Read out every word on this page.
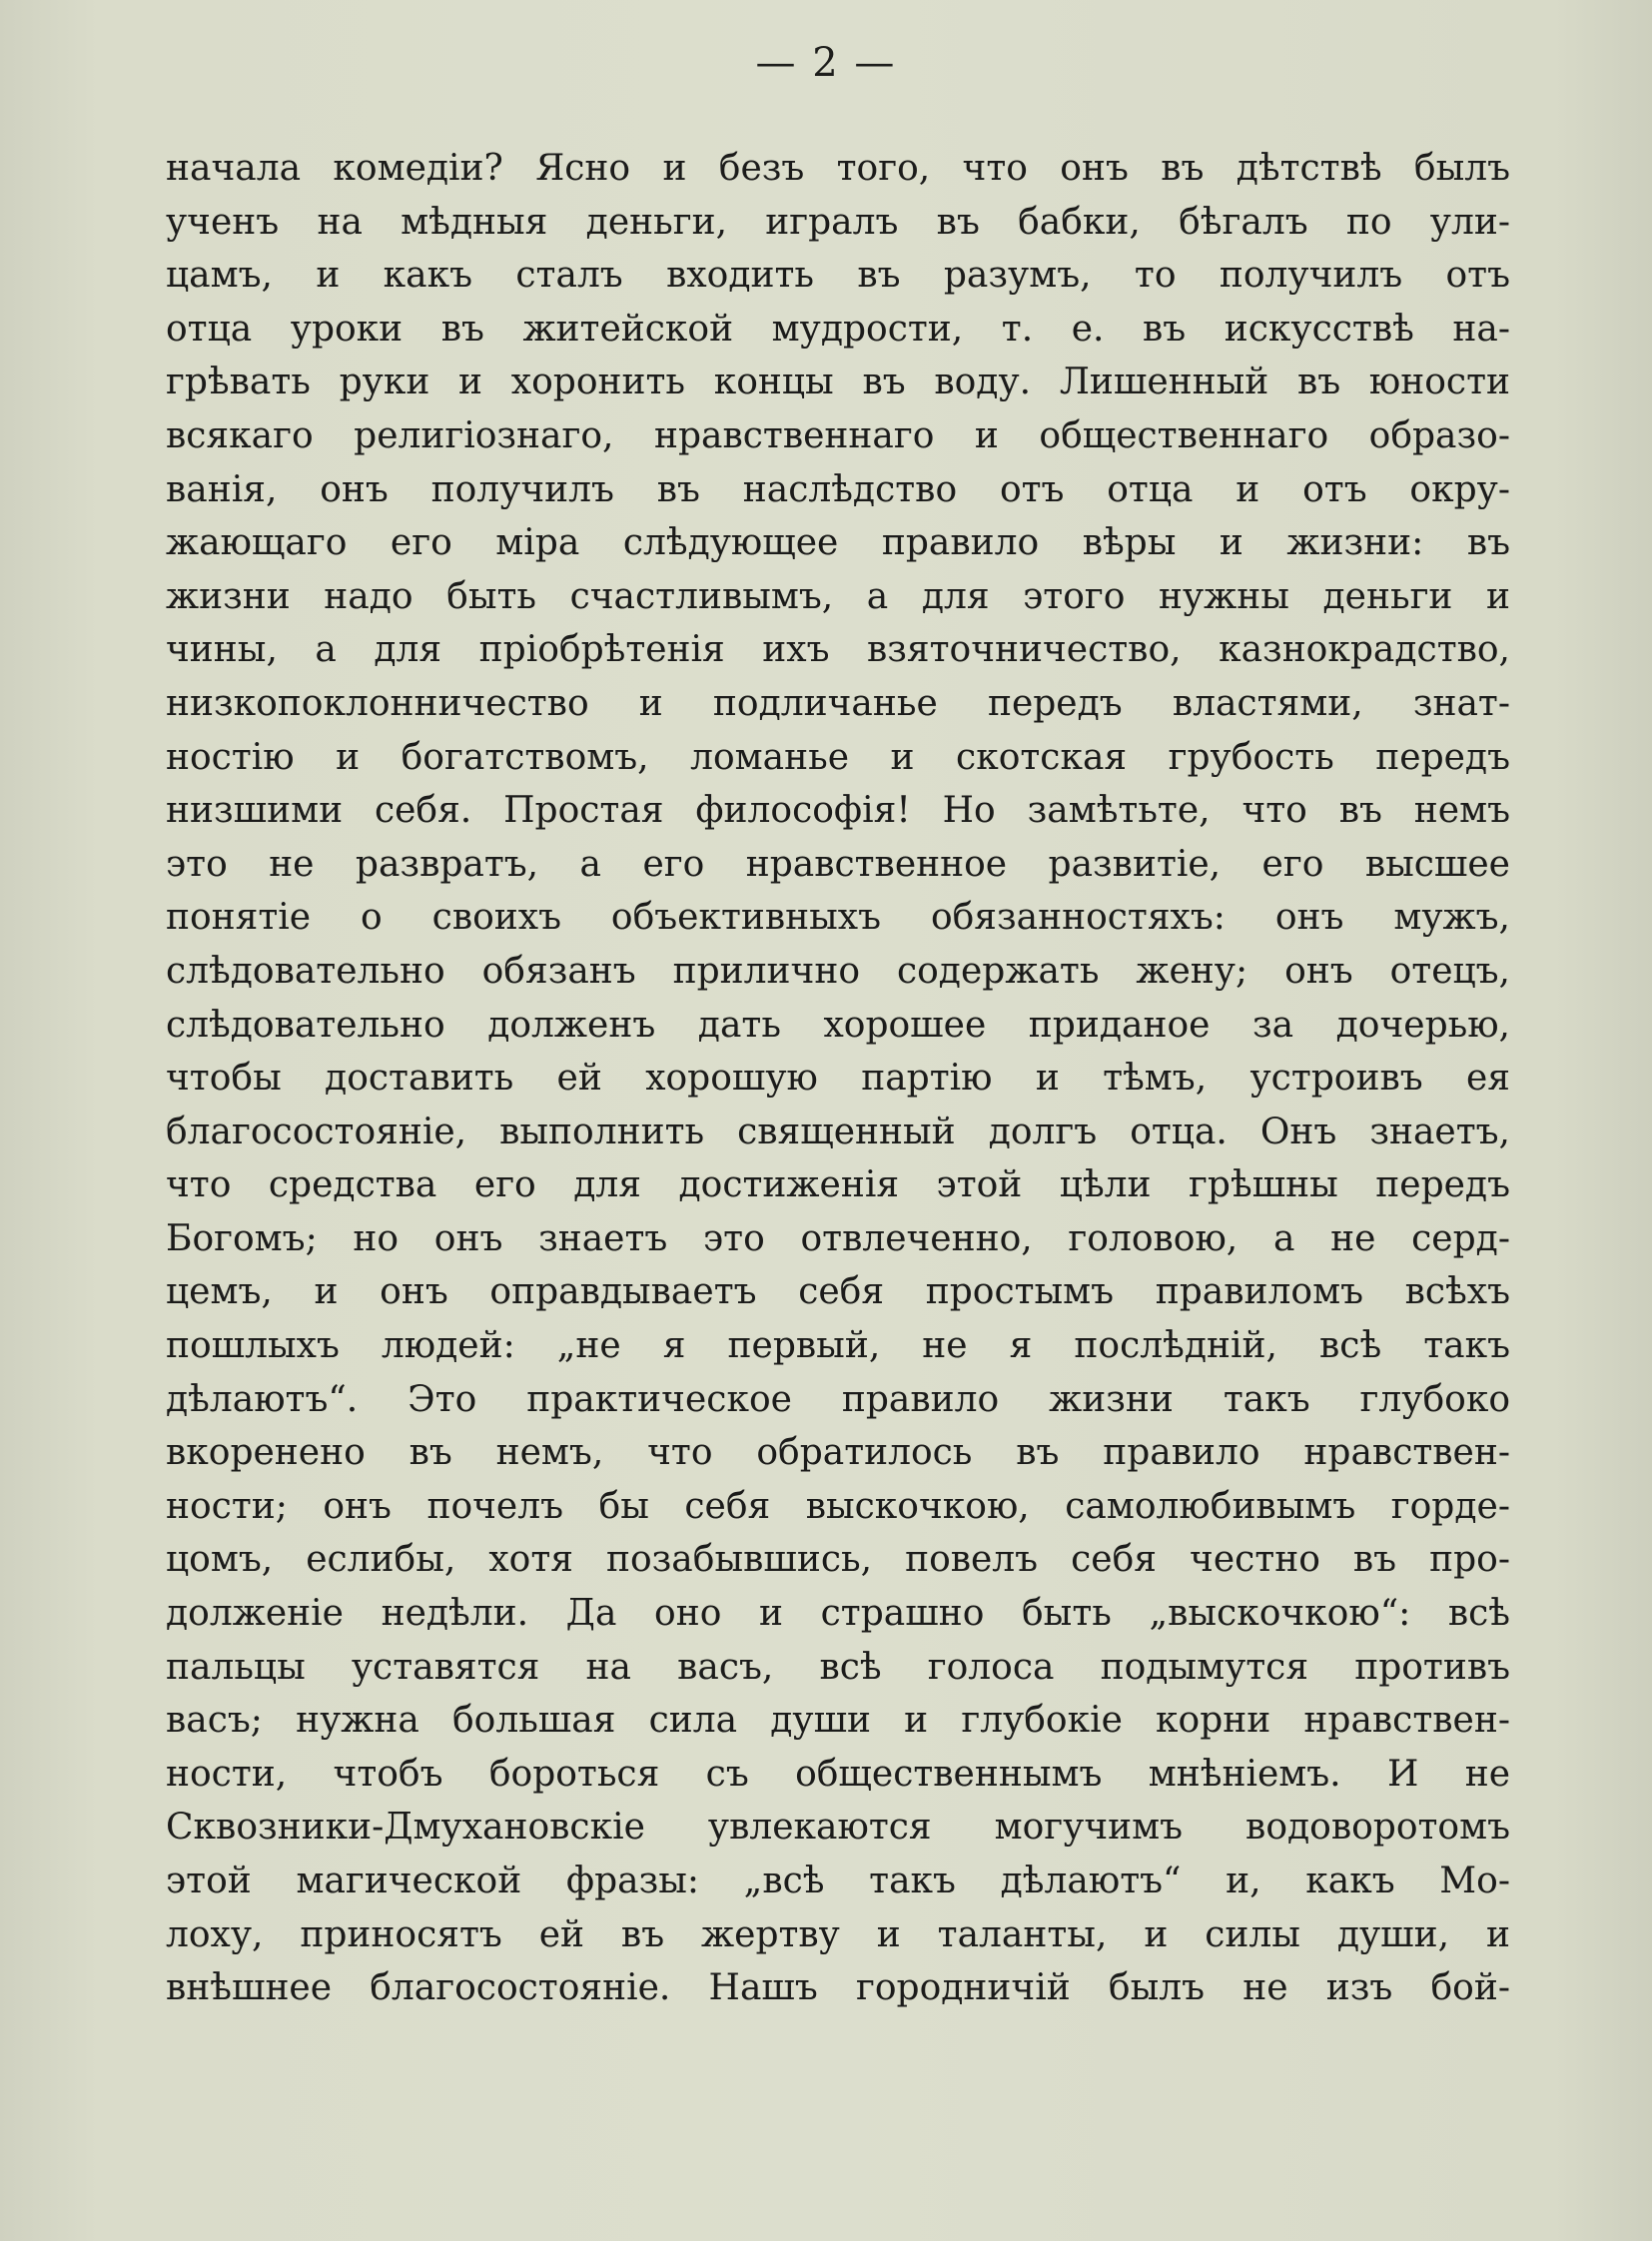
— 2 —
начала комедіи? Ясно и безъ того, что онъ въ дѣтствѣ былъ
ученъ на мѣдныя деньги, игралъ въ бабки, бѣгалъ по ули-
цамъ, и какъ сталъ входить въ разумъ, то получилъ отъ
отца уроки въ житейской мудрости, т. е. въ искусствѣ на-
грѣвать руки и хоронить концы въ воду. Лишенный въ юности
всякаго религіознаго, нравственнаго и общественнаго образо-
ванія, онъ получилъ въ наслѣдство отъ отца и отъ окру-
жающаго его міра слѣдующее правило вѣры и жизни: въ
жизни надо быть счастливымъ, а для этого нужны деньги и
чины, а для пріобрѣтенія ихъ взяточничество, казнокрадство,
низкопоклонничество и подличанье передъ властями, знат-
ностію и богатствомъ, ломанье и скотская грубость передъ
низшими себя. Простая философія! Но замѣтьте, что въ немъ
это не развратъ, а его нравственное развитіе, его высшее
понятіе о своихъ объективныхъ обязанностяхъ: онъ мужъ,
слѣдовательно обязанъ прилично содержать жену; онъ отецъ,
слѣдовательно долженъ дать хорошее приданое за дочерью,
чтобы доставить ей хорошую партію и тѣмъ, устроивъ ея
благосостояніе, выполнить священный долгъ отца. Онъ знаетъ,
что средства его для достиженія этой цѣли грѣшны передъ
Богомъ; но онъ знаетъ это отвлеченно, головою, а не серд-
цемъ, и онъ оправдываетъ себя простымъ правиломъ всѣхъ
пошлыхъ людей: „не я первый, не я послѣдній, всѣ такъ
дѣлаютъ“. Это практическое правило жизни такъ глубоко
вкоренено въ немъ, что обратилось въ правило нравствен-
ности; онъ почелъ бы себя выскочкою, самолюбивымъ горде-
цомъ, еслибы, хотя позабывшись, повелъ себя честно въ про-
долженіе недѣли. Да оно и страшно быть „выскочкою“: всѣ
пальцы уставятся на васъ, всѣ голоса подымутся противъ
васъ; нужна большая сила души и глубокіе корни нравствен-
ности, чтобъ бороться съ общественнымъ мнѣніемъ. И не
Сквозники-Дмухановскіе увлекаются могучимъ водоворотомъ
этой магической фразы: „всѣ такъ дѣлаютъ“ и, какъ Мо-
лоху, приносятъ ей въ жертву и таланты, и силы души, и
внѣшнее благосостояніе. Нашъ городничій былъ не изъ бой-
